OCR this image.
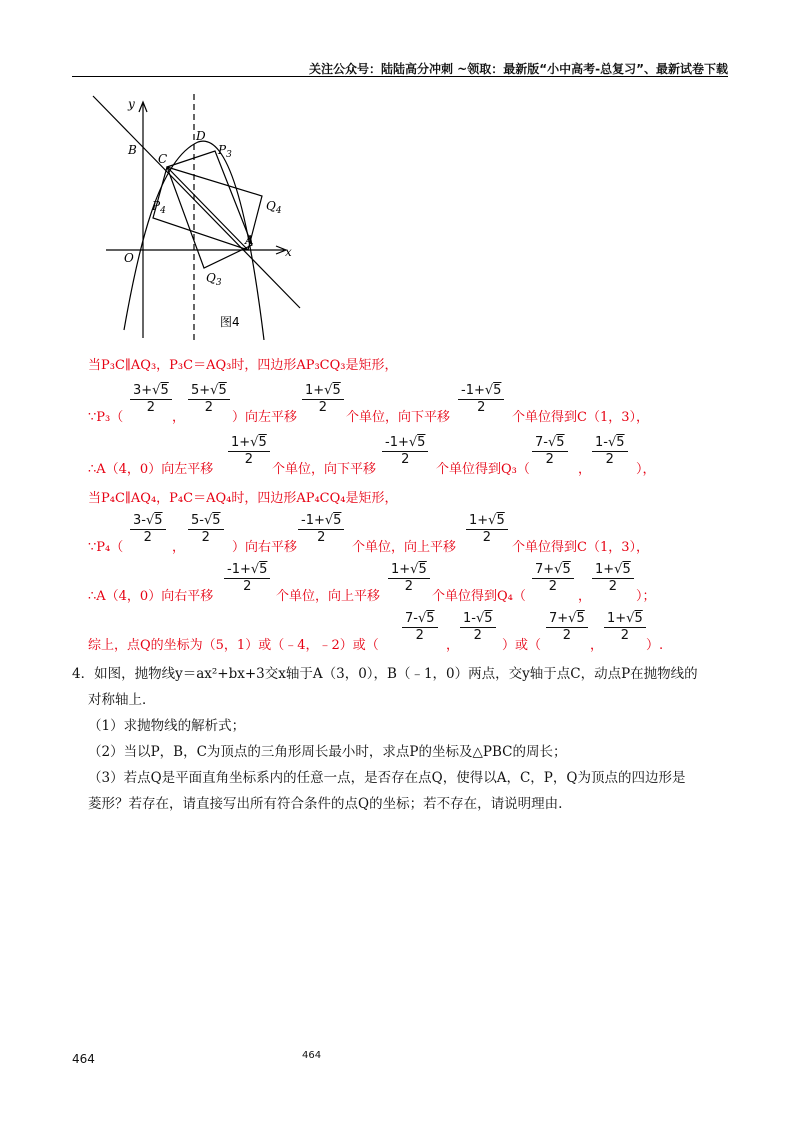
关注公众号：陆陆高分冲刺 ~领取：最新版“小中高考-总复习”、最新试卷下载
y
x
B
D
C
$P_3$
$P_4$	$Q_4$
O
A
$Q_3$
图4
当P₃C∥AQ₃，P₃C＝AQ₃时，四边形AP₃CQ₃是矩形，
∵P₃（
$\frac{3+√5}{2}$
，
$\frac{5+√5}{2}$
）向左平移
$\frac{1+√5}{2}$
个单位，向下平移
$\frac{-1+√5}{2}$
个单位得到C（1，3），
∴A（4，0）向左平移
$\frac{1+√5}{2}$
个单位，向下平移
$\frac{-1+√5}{2}$
个单位得到Q₃（
$\frac{7-√5}{2}$
，
$\frac{1-√5}{2}$
），
当P₄C∥AQ₄，P₄C＝AQ₄时，四边形AP₄CQ₄是矩形，
∵P₄（
$\frac{3-√5}{2}$
，
$\frac{5-√5}{2}$
）向右平移
$\frac{-1+√5}{2}$
个单位，向上平移
$\frac{1+√5}{2}$
个单位得到C（1，3），
∴A（4，0）向右平移
$\frac{-1+√5}{2}$
个单位，向上平移
$\frac{1+√5}{2}$
个单位得到Q₄（
$\frac{7+√5}{2}$
，
$\frac{1+√5}{2}$
）；
综上，点Q的坐标为（5，1）或（﹣4，﹣2）或（
$\frac{7-√5}{2}$
，
$\frac{1-√5}{2}$
）或（
$\frac{7+√5}{2}$
，
$\frac{1+√5}{2}$
）.
4．如图，抛物线y＝ax²+bx+3交x轴于A（3，0），B（﹣1，0）两点，交y轴于点C，动点P在抛物线的
对称轴上．
（1）求抛物线的解析式；
（2）当以P，B，C为顶点的三角形周长最小时，求点P的坐标及△PBC的周长；
（3）若点Q是平面直角坐标系内的任意一点，是否存在点Q，使得以A，C，P，Q为顶点的四边形是
菱形？若存在，请直接写出所有符合条件的点Q的坐标；若不存在，请说明理由.
464	464
